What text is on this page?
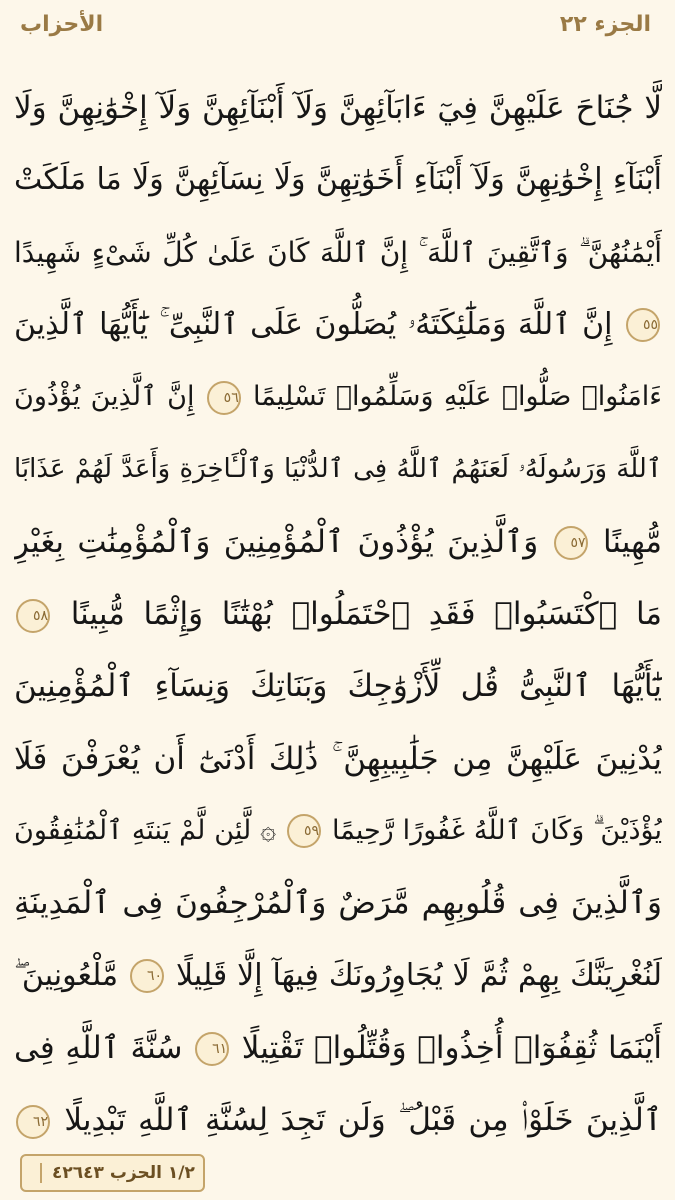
الجزء ٢٢
الأحزاب
لَّا جُنَاحَ عَلَيْهِنَّ فِيٓ ءَابَآئِهِنَّ وَلَآ أَبْنَآئِهِنَّ وَلَآ إِخْوَٰنِهِنَّ وَلَا
أَبْنَآءِ إِخْوَٰنِهِنَّ وَلَآ أَبْنَآءِ أَخَوَٰتِهِنَّ وَلَا نِسَآئِهِنَّ وَلَا مَا مَلَكَتْ
أَيْمَٰنُهُنَّ ۗ وَٱتَّقِينَ ٱللَّهَ ۚ إِنَّ ٱللَّهَ كَانَ عَلَىٰ كُلِّ شَىْءٍ شَهِيدًا
٥٥ إِنَّ ٱللَّهَ وَمَلَٰٓئِكَتَهُۥ يُصَلُّونَ عَلَى ٱلنَّبِىِّ ۚ يَٰٓأَيُّهَا ٱلَّذِينَ
ءَامَنُوا۟ صَلُّوا۟ عَلَيْهِ وَسَلِّمُوا۟ تَسْلِيمًا ٥٦ إِنَّ ٱلَّذِينَ يُؤْذُونَ
ٱللَّهَ وَرَسُولَهُۥ لَعَنَهُمُ ٱللَّهُ فِى ٱلدُّنْيَا وَٱلْـَٔاخِرَةِ وَأَعَدَّ لَهُمْ عَذَابًا
مُّهِينًا ٥٧ وَٱلَّذِينَ يُؤْذُونَ ٱلْمُؤْمِنِينَ وَٱلْمُؤْمِنَٰتِ بِغَيْرِ
مَا ٱكْتَسَبُوا۟ فَقَدِ ٱحْتَمَلُوا۟ بُهْتَٰنًا وَإِثْمًا مُّبِينًا ٥٨
يَٰٓأَيُّهَا ٱلنَّبِىُّ قُل لِّأَزْوَٰجِكَ وَبَنَاتِكَ وَنِسَآءِ ٱلْمُؤْمِنِينَ
يُدْنِينَ عَلَيْهِنَّ مِن جَلَٰبِيبِهِنَّ ۚ ذَٰلِكَ أَدْنَىٰٓ أَن يُعْرَفْنَ فَلَا
يُؤْذَيْنَ ۗ وَكَانَ ٱللَّهُ غَفُورًا رَّحِيمًا ٥٩ ۞ لَّئِن لَّمْ يَنتَهِ ٱلْمُنَٰفِقُونَ
وَٱلَّذِينَ فِى قُلُوبِهِم مَّرَضٌ وَٱلْمُرْجِفُونَ فِى ٱلْمَدِينَةِ
لَنُغْرِيَنَّكَ بِهِمْ ثُمَّ لَا يُجَاوِرُونَكَ فِيهَآ إِلَّا قَلِيلًا ٦٠ مَّلْعُونِينَ ۖ
أَيْنَمَا ثُقِفُوٓا۟ أُخِذُوا۟ وَقُتِّلُوا۟ تَقْتِيلًا ٦١ سُنَّةَ ٱللَّهِ فِى
ٱلَّذِينَ خَلَوْا۟ مِن قَبْلُ ۖ وَلَن تَجِدَ لِسُنَّةِ ٱللَّهِ تَبْدِيلًا ٦٢
١/٢ الحزب ٤٣
٤٢٦
